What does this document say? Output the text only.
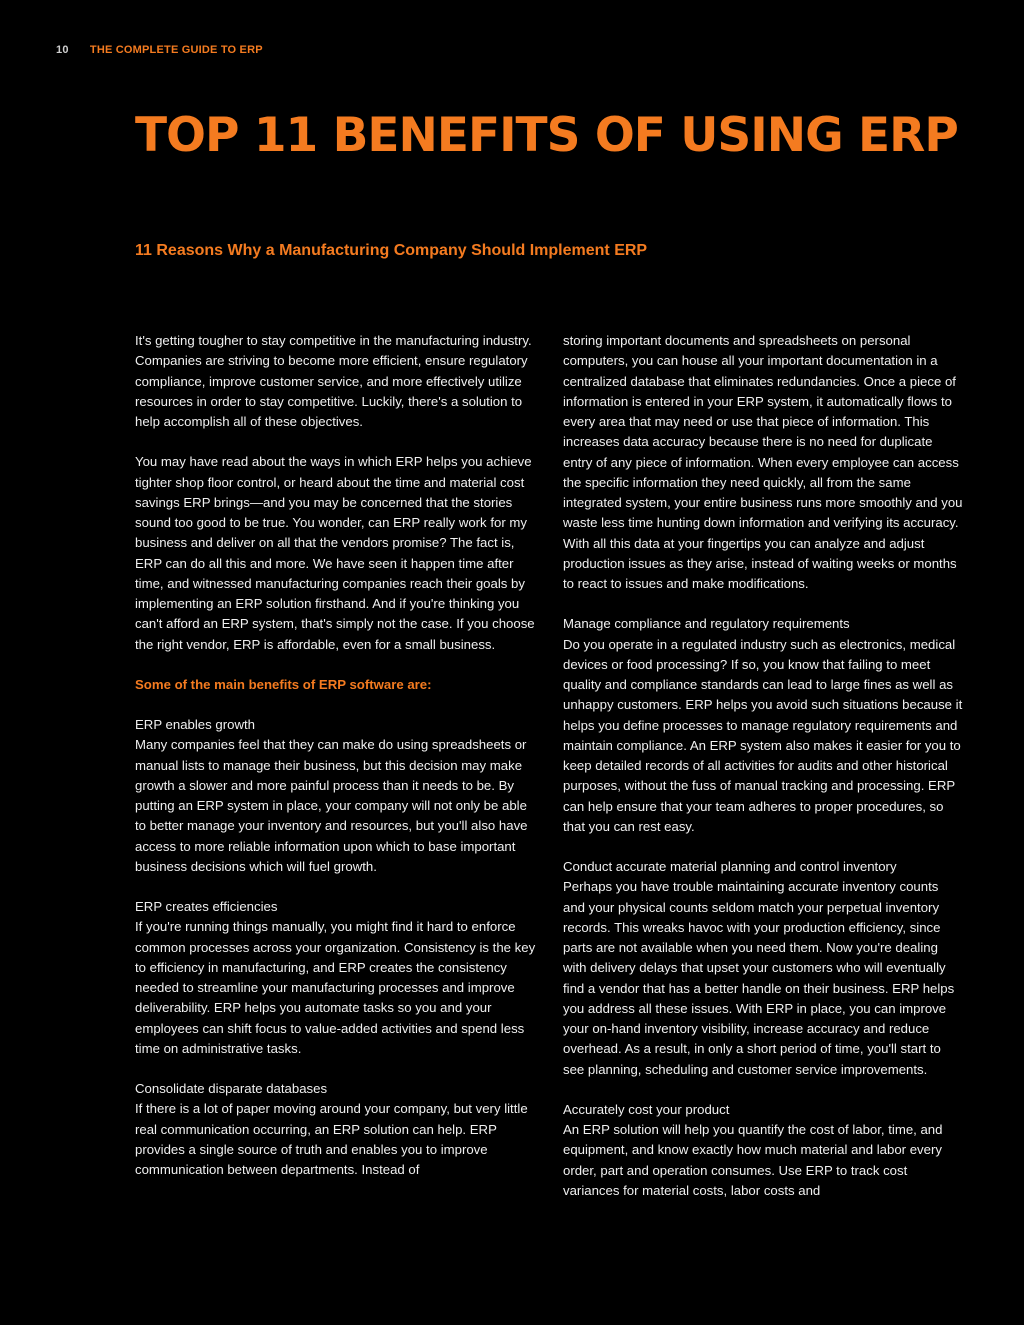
10 THE COMPLETE GUIDE TO ERP
TOP 11 BENEFITS OF USING ERP
11 Reasons Why a Manufacturing Company Should Implement ERP

It's getting tougher to stay competitive in the manufacturing industry. Companies are striving to become more efficient, ensure regulatory compliance, improve customer service, and more effectively utilize resources in order to stay competitive. Luckily, there's a solution to help accomplish all of these objectives.

You may have read about the ways in which ERP helps you achieve tighter shop floor control, or heard about the time and material cost savings ERP brings—and you may be concerned that the stories sound too good to be true. You wonder, can ERP really work for my business and deliver on all that the vendors promise? The fact is, ERP can do all this and more. We have seen it happen time after time, and witnessed manufacturing companies reach their goals by implementing an ERP solution firsthand. And if you're thinking you can't afford an ERP system, that's simply not the case. If you choose the right vendor, ERP is affordable, even for a small business.

Some of the main benefits of ERP software are:

ERP enables growth
Many companies feel that they can make do using spreadsheets or manual lists to manage their business, but this decision may make growth a slower and more painful process than it needs to be. By putting an ERP system in place, your company will not only be able to better manage your inventory and resources, but you'll also have access to more reliable information upon which to base important business decisions which will fuel growth.

ERP creates efficiencies
If you're running things manually, you might find it hard to enforce common processes across your organization. Consistency is the key to efficiency in manufacturing, and ERP creates the consistency needed to streamline your manufacturing processes and improve deliverability. ERP helps you automate tasks so you and your employees can shift focus to value-added activities and spend less time on administrative tasks.

Consolidate disparate databases
If there is a lot of paper moving around your company, but very little real communication occurring, an ERP solution can help. ERP provides a single source of truth and enables you to improve communication between departments. Instead of

storing important documents and spreadsheets on personal computers, you can house all your important documentation in a centralized database that eliminates redundancies. Once a piece of information is entered in your ERP system, it automatically flows to every area that may need or use that piece of information. This increases data accuracy because there is no need for duplicate entry of any piece of information. When every employee can access the specific information they need quickly, all from the same integrated system, your entire business runs more smoothly and you waste less time hunting down information and verifying its accuracy. With all this data at your fingertips you can analyze and adjust production issues as they arise, instead of waiting weeks or months to react to issues and make modifications.

Manage compliance and regulatory requirements
Do you operate in a regulated industry such as electronics, medical devices or food processing? If so, you know that failing to meet quality and compliance standards can lead to large fines as well as unhappy customers. ERP helps you avoid such situations because it helps you define processes to manage regulatory requirements and maintain compliance. An ERP system also makes it easier for you to keep detailed records of all activities for audits and other historical purposes, without the fuss of manual tracking and processing. ERP can help ensure that your team adheres to proper procedures, so that you can rest easy.

Conduct accurate material planning and control inventory
Perhaps you have trouble maintaining accurate inventory counts and your physical counts seldom match your perpetual inventory records. This wreaks havoc with your production efficiency, since parts are not available when you need them. Now you're dealing with delivery delays that upset your customers who will eventually find a vendor that has a better handle on their business. ERP helps you address all these issues. With ERP in place, you can improve your on-hand inventory visibility, increase accuracy and reduce overhead. As a result, in only a short period of time, you'll start to see planning, scheduling and customer service improvements.

Accurately cost your product
An ERP solution will help you quantify the cost of labor, time, and equipment, and know exactly how much material and labor every order, part and operation consumes. Use ERP to track cost variances for material costs, labor costs and
